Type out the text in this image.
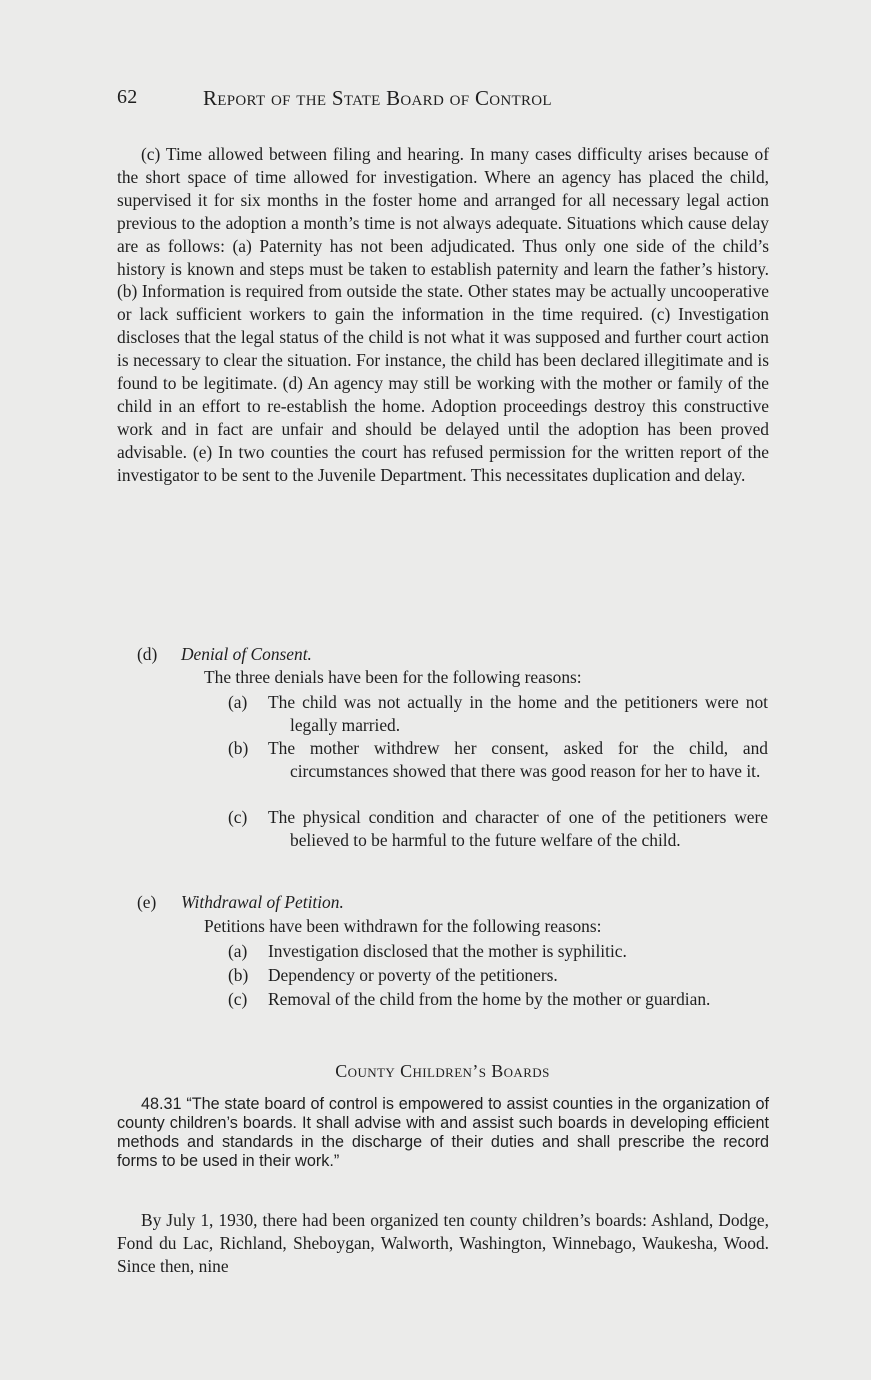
62	Report of the State Board of Control

(c) Time allowed between filing and hearing. In many cases difficulty arises because of the short space of time allowed for investigation. Where an agency has placed the child, supervised it for six months in the foster home and arranged for all necessary legal action previous to the adoption a month’s time is not always adequate. Situations which cause delay are as follows: (a) Paternity has not been adjudicated. Thus only one side of the child’s history is known and steps must be taken to establish paternity and learn the father’s history. (b) Information is required from outside the state. Other states may be actually uncooperative or lack sufficient workers to gain the information in the time required. (c) Investigation discloses that the legal status of the child is not what it was supposed and further court action is necessary to clear the situation. For instance, the child has been declared illegitimate and is found to be legitimate. (d) An agency may still be working with the mother or family of the child in an effort to re-establish the home. Adoption proceedings destroy this constructive work and in fact are unfair and should be delayed until the adoption has been proved advisable. (e) In two counties the court has refused permission for the written report of the investigator to be sent to the Juvenile Department. This necessitates duplication and delay.

(d) Denial of Consent.
The three denials have been for the following reasons:
(a) The child was not actually in the home and the petitioners were not legally married.
(b) The mother withdrew her consent, asked for the child, and circumstances showed that there was good reason for her to have it.
(c) The physical condition and character of one of the petitioners were believed to be harmful to the future welfare of the child.
(e) Withdrawal of Petition.
Petitions have been withdrawn for the following reasons:
(a) Investigation disclosed that the mother is syphilitic.
(b) Dependency or poverty of the petitioners.
(c) Removal of the child from the home by the mother or guardian.
County Children’s Boards

48.31 “The state board of control is empowered to assist counties in the organization of county children’s boards. It shall advise with and assist such boards in developing efficient methods and standards in the discharge of their duties and shall prescribe the record forms to be used in their work.”

By July 1, 1930, there had been organized ten county children’s boards: Ashland, Dodge, Fond du Lac, Richland, Sheboygan, Walworth, Washington, Winnebago, Waukesha, Wood. Since then, nine
